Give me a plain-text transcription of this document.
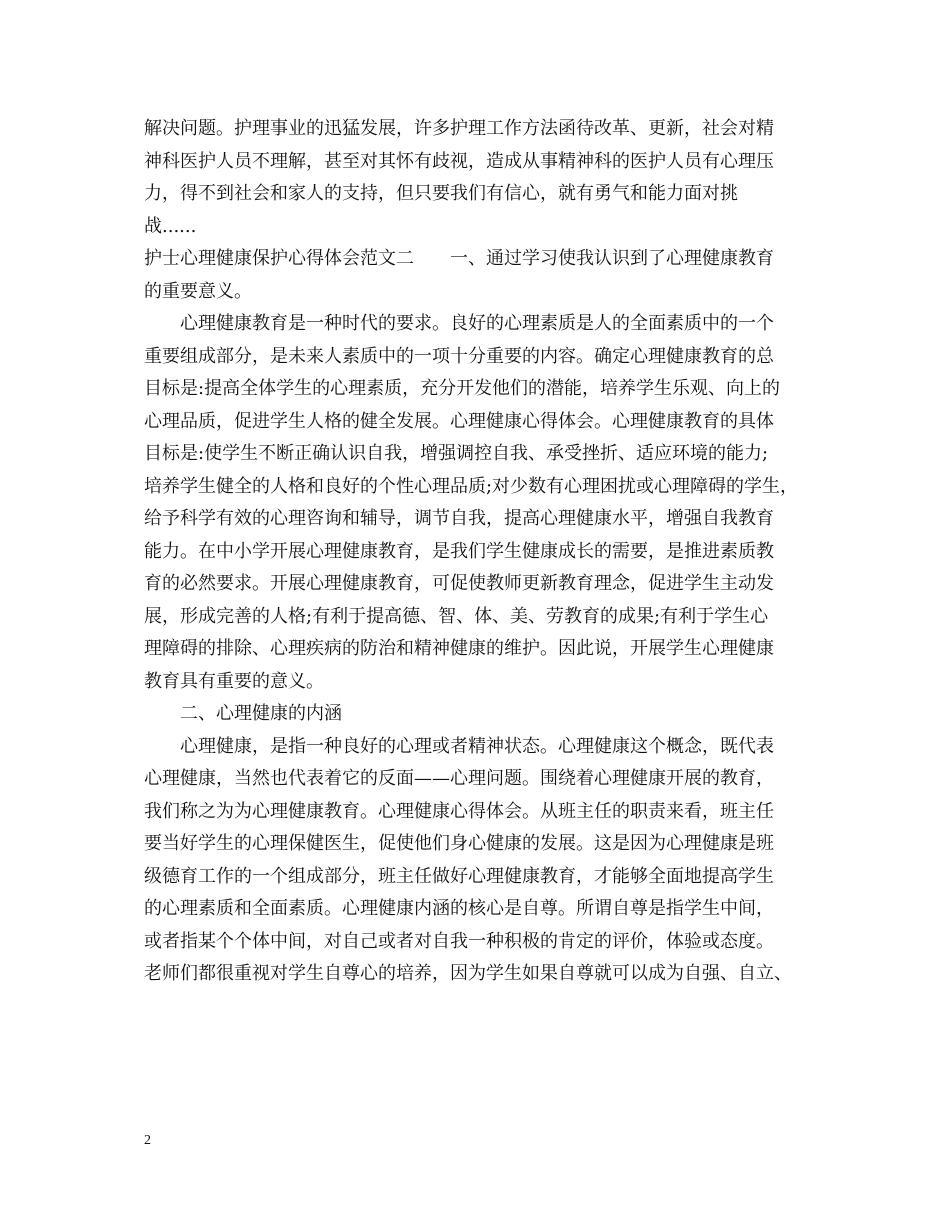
解决问题。护理事业的迅猛发展，许多护理工作方法函待改革、更新，社会对精
神科医护人员不理解，甚至对其怀有歧视，造成从事精神科的医护人员有心理压
力，得不到社会和家人的支持，但只要我们有信心，就有勇气和能力面对挑
战......
护士心理健康保护心得体会范文二　　一、通过学习使我认识到了心理健康教育
的重要意义。
心理健康教育是一种时代的要求。良好的心理素质是人的全面素质中的一个
重要组成部分，是未来人素质中的一项十分重要的内容。确定心理健康教育的总
目标是:提高全体学生的心理素质，充分开发他们的潜能，培养学生乐观、向上的
心理品质，促进学生人格的健全发展。心理健康心得体会。心理健康教育的具体
目标是:使学生不断正确认识自我，增强调控自我、承受挫折、适应环境的能力;
培养学生健全的人格和良好的个性心理品质;对少数有心理困扰或心理障碍的学生，
给予科学有效的心理咨询和辅导，调节自我，提高心理健康水平，增强自我教育
能力。在中小学开展心理健康教育，是我们学生健康成长的需要，是推进素质教
育的必然要求。开展心理健康教育，可促使教师更新教育理念，促进学生主动发
展，形成完善的人格;有利于提高德、智、体、美、劳教育的成果;有利于学生心
理障碍的排除、心理疾病的防治和精神健康的维护。因此说，开展学生心理健康
教育具有重要的意义。
二、心理健康的内涵
心理健康，是指一种良好的心理或者精神状态。心理健康这个概念，既代表
心理健康，当然也代表着它的反面——心理问题。围绕着心理健康开展的教育，
我们称之为为心理健康教育。心理健康心得体会。从班主任的职责来看，班主任
要当好学生的心理保健医生，促使他们身心健康的发展。这是因为心理健康是班
级德育工作的一个组成部分，班主任做好心理健康教育，才能够全面地提高学生
的心理素质和全面素质。心理健康内涵的核心是自尊。所谓自尊是指学生中间，
或者指某个个体中间，对自己或者对自我一种积极的肯定的评价，体验或态度。
老师们都很重视对学生自尊心的培养，因为学生如果自尊就可以成为自强、自立、
2
